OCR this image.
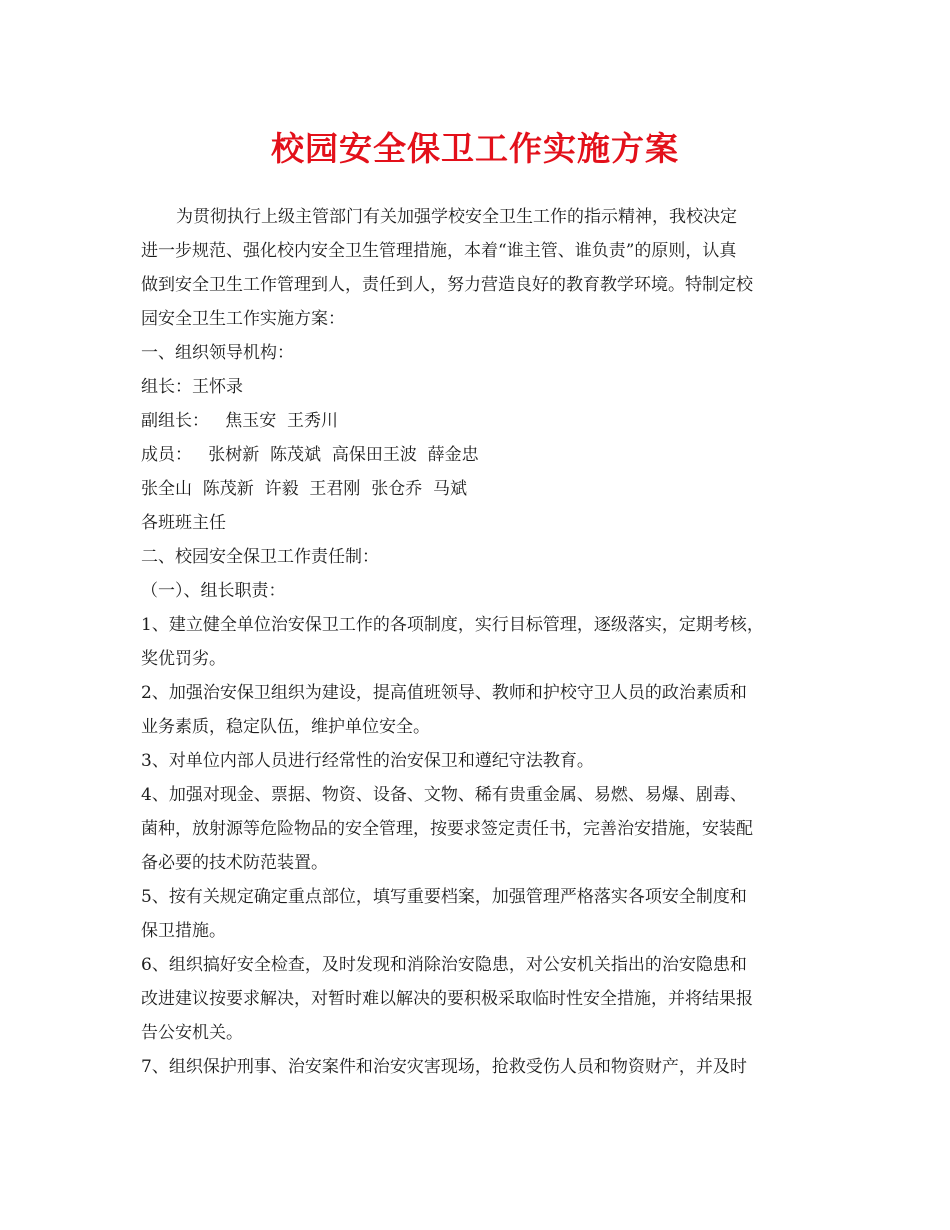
校园安全保卫工作实施方案
为贯彻执行上级主管部门有关加强学校安全卫生工作的指示精神，我校决定
进一步规范、强化校内安全卫生管理措施，本着“谁主管、谁负责”的原则，认真
做到安全卫生工作管理到人，责任到人，努力营造良好的教育教学环境。特制定校
园安全卫生工作实施方案：
一、组织领导机构：
组长：王怀录
副组长：   焦玉安  王秀川
成员：   张树新  陈茂斌  高保田王波  薛金忠
张全山  陈茂新  许毅  王君刚  张仓乔  马斌
各班班主任
二、校园安全保卫工作责任制：
（一）、组长职责：
1、建立健全单位治安保卫工作的各项制度，实行目标管理，逐级落实，定期考核，
奖优罚劣。
2、加强治安保卫组织为建设，提高值班领导、教师和护校守卫人员的政治素质和
业务素质，稳定队伍，维护单位安全。
3、对单位内部人员进行经常性的治安保卫和遵纪守法教育。
4、加强对现金、票据、物资、设备、文物、稀有贵重金属、易燃、易爆、剧毒、
菌种，放射源等危险物品的安全管理，按要求签定责任书，完善治安措施，安装配
备必要的技术防范装置。
5、按有关规定确定重点部位，填写重要档案，加强管理严格落实各项安全制度和
保卫措施。
6、组织搞好安全检查，及时发现和消除治安隐患，对公安机关指出的治安隐患和
改进建议按要求解决，对暂时难以解决的要积极采取临时性安全措施，并将结果报
告公安机关。
7、组织保护刑事、治安案件和治安灾害现场，抢救受伤人员和物资财产，并及时
